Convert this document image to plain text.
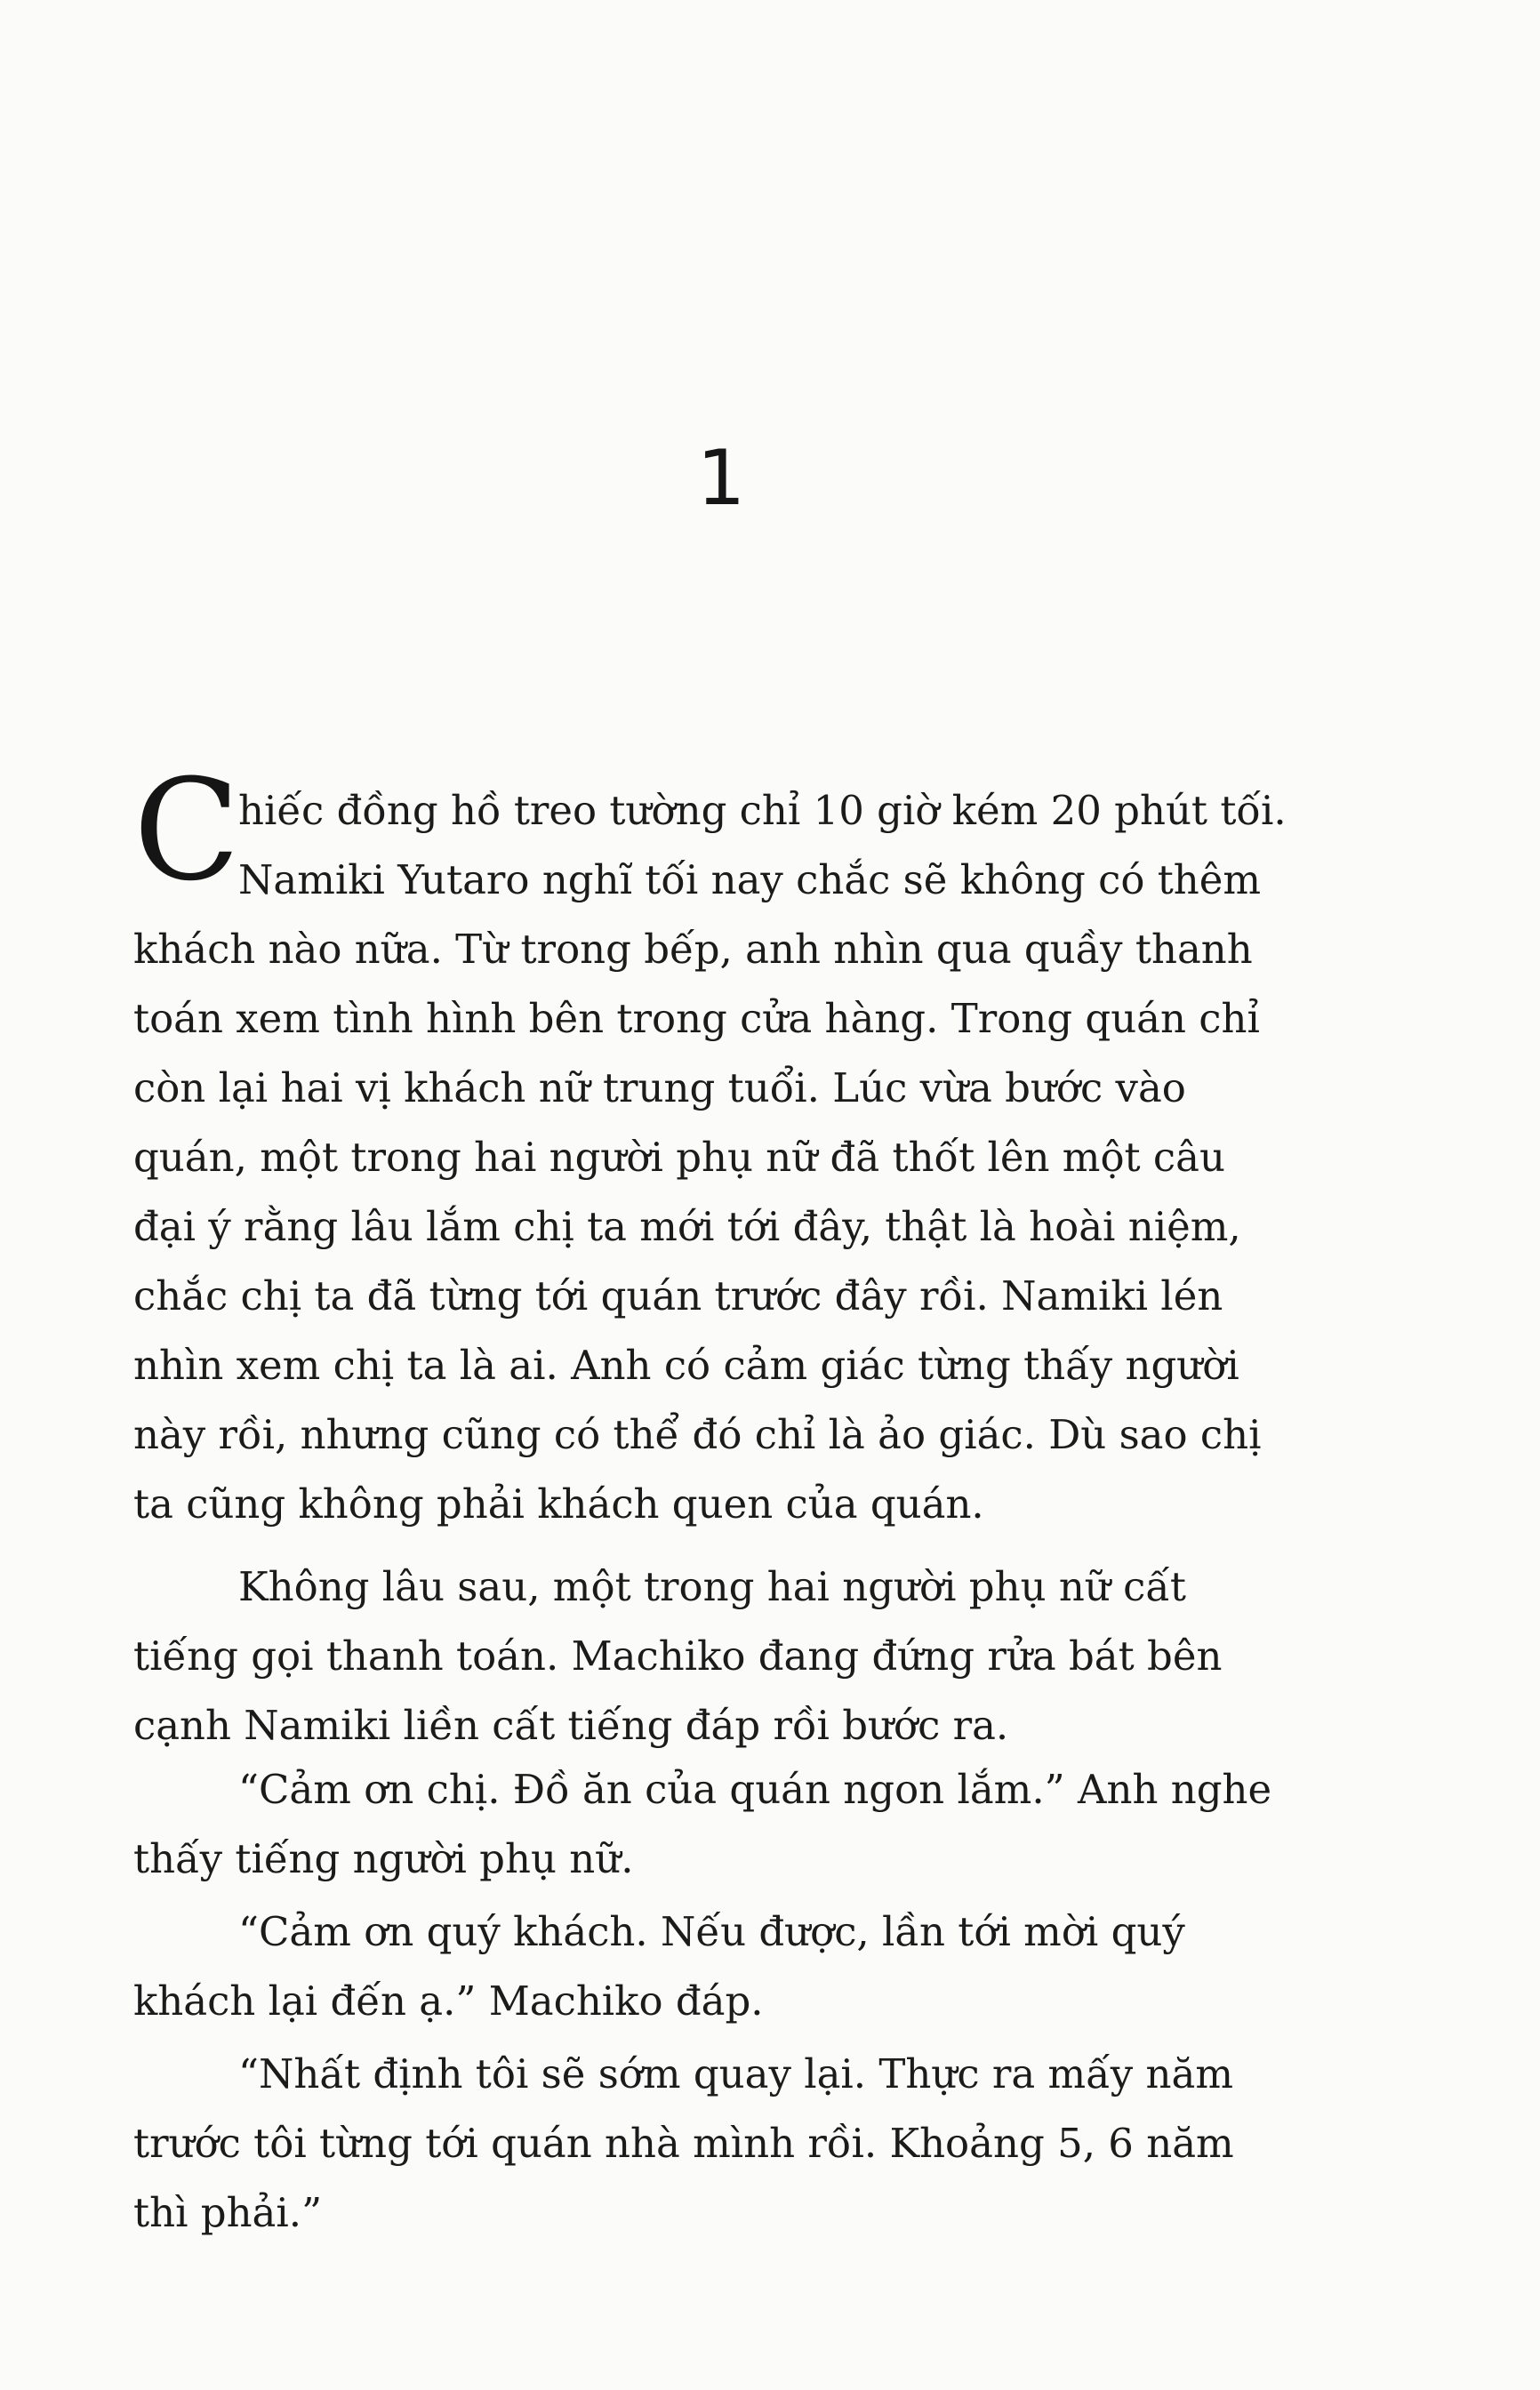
1
C
hiếc đồng hồ treo tường chỉ 10 giờ kém 20 phút tối.
Namiki Yutaro nghĩ tối nay chắc sẽ không có thêm
khách nào nữa. Từ trong bếp, anh nhìn qua quầy thanh
toán xem tình hình bên trong cửa hàng. Trong quán chỉ
còn lại hai vị khách nữ trung tuổi. Lúc vừa bước vào
quán, một trong hai người phụ nữ đã thốt lên một câu
đại ý rằng lâu lắm chị ta mới tới đây, thật là hoài niệm,
chắc chị ta đã từng tới quán trước đây rồi. Namiki lén
nhìn xem chị ta là ai. Anh có cảm giác từng thấy người
này rồi, nhưng cũng có thể đó chỉ là ảo giác. Dù sao chị
ta cũng không phải khách quen của quán.
Không lâu sau, một trong hai người phụ nữ cất
tiếng gọi thanh toán. Machiko đang đứng rửa bát bên
cạnh Namiki liền cất tiếng đáp rồi bước ra.
“Cảm ơn chị. Đồ ăn của quán ngon lắm.” Anh nghe
thấy tiếng người phụ nữ.
“Cảm ơn quý khách. Nếu được, lần tới mời quý
khách lại đến ạ.” Machiko đáp.
“Nhất định tôi sẽ sớm quay lại. Thực ra mấy năm
trước tôi từng tới quán nhà mình rồi. Khoảng 5, 6 năm
thì phải.”
